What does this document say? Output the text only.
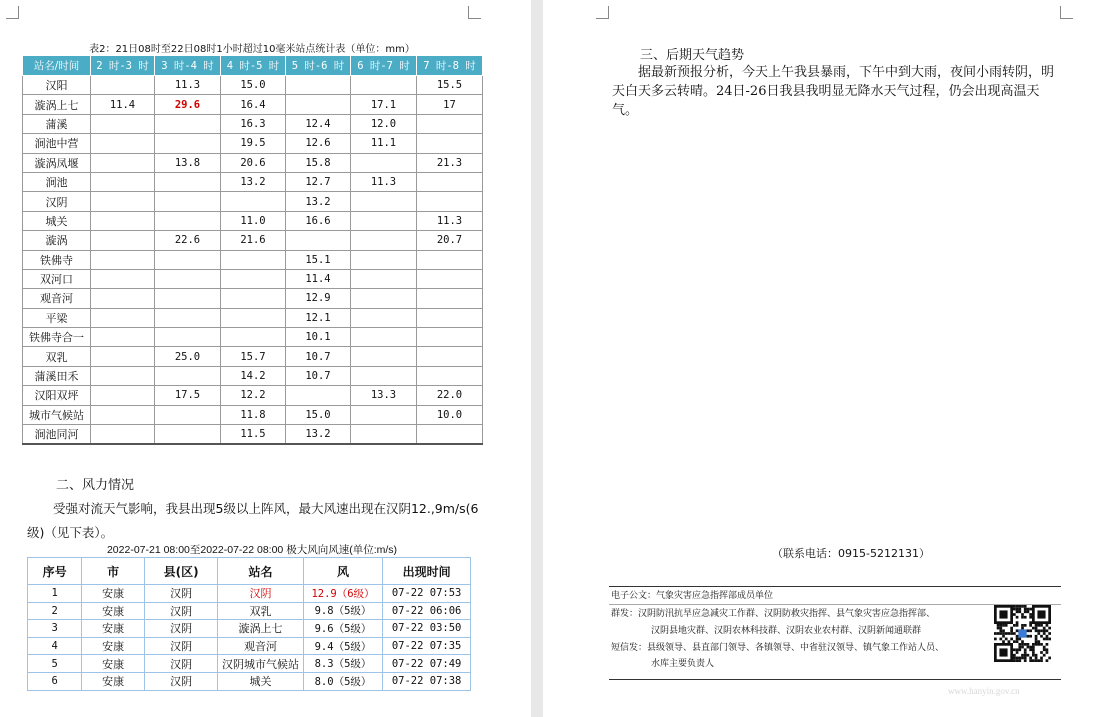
表2：21日08时至22日08时1小时超过10毫米站点统计表（单位：mm）
站名/时间	2 时-3 时	3 时-4 时	4 时-5 时	5 时-6 时	6 时-7 时	7 时-8 时
汉阳		11.3	15.0			15.5
漩涡上七	11.4	29.6	16.4		17.1	17
蒲溪			16.3	12.4	12.0	
涧池中营			19.5	12.6	11.1	
漩涡凤堰		13.8	20.6	15.8		21.3
涧池			13.2	12.7	11.3	
汉阴				13.2		
城关			11.0	16.6		11.3
漩涡		22.6	21.6			20.7
铁佛寺				15.1		
双河口				11.4		
观音河				12.9		
平梁				12.1		
铁佛寺合一				10.1		
双乳		25.0	15.7	10.7		
蒲溪田禾			14.2	10.7		
汉阳双坪		17.5	12.2		13.3	22.0
城市气候站			11.8	15.0		10.0
涧池同河			11.5	13.2		
二、风力情况
受强对流天气影响，我县出现5级以上阵风，最大风速出现在汉阴12.,9m/s(6级)（见下表）。
2022-07-21 08:00至2022-07-22 08:00 极大风向风速(单位:m/s)
序号	市	县(区)	站名	风	出现时间
1	安康	汉阴	汉阴	12.9（6级）	07-22 07:53
2	安康	汉阴	双乳	9.8（5级）	07-22 06:06
3	安康	汉阴	漩涡上七	9.6（5级）	07-22 03:50
4	安康	汉阴	观音河	9.4（5级）	07-22 07:35
5	安康	汉阴	汉阴城市气候站	8.3（5级）	07-22 07:49
6	安康	汉阴	城关	8.0（5级）	07-22 07:38
三、后期天气趋势
据最新预报分析，今天上午我县暴雨，下午中到大雨，夜间小雨转阴，明天白天多云转晴。24日-26日我县我明显无降水天气过程，仍会出现高温天气。
（联系电话：0915-5212131）
电子公文：气象灾害应急指挥部成员单位
群发：汉阴防汛抗旱应急减灾工作群、汉阴防救灾指挥、县气象灾害应急指挥部、
汉阴县地灾群、汉阴农林科技群、汉阴农业农村群、汉阴新闻通联群
短信发：县级领导、县直部门领导、各镇领导、中省驻汉领导、镇气象工作站人员、
水库主要负责人
www.hanyin.gov.cn
